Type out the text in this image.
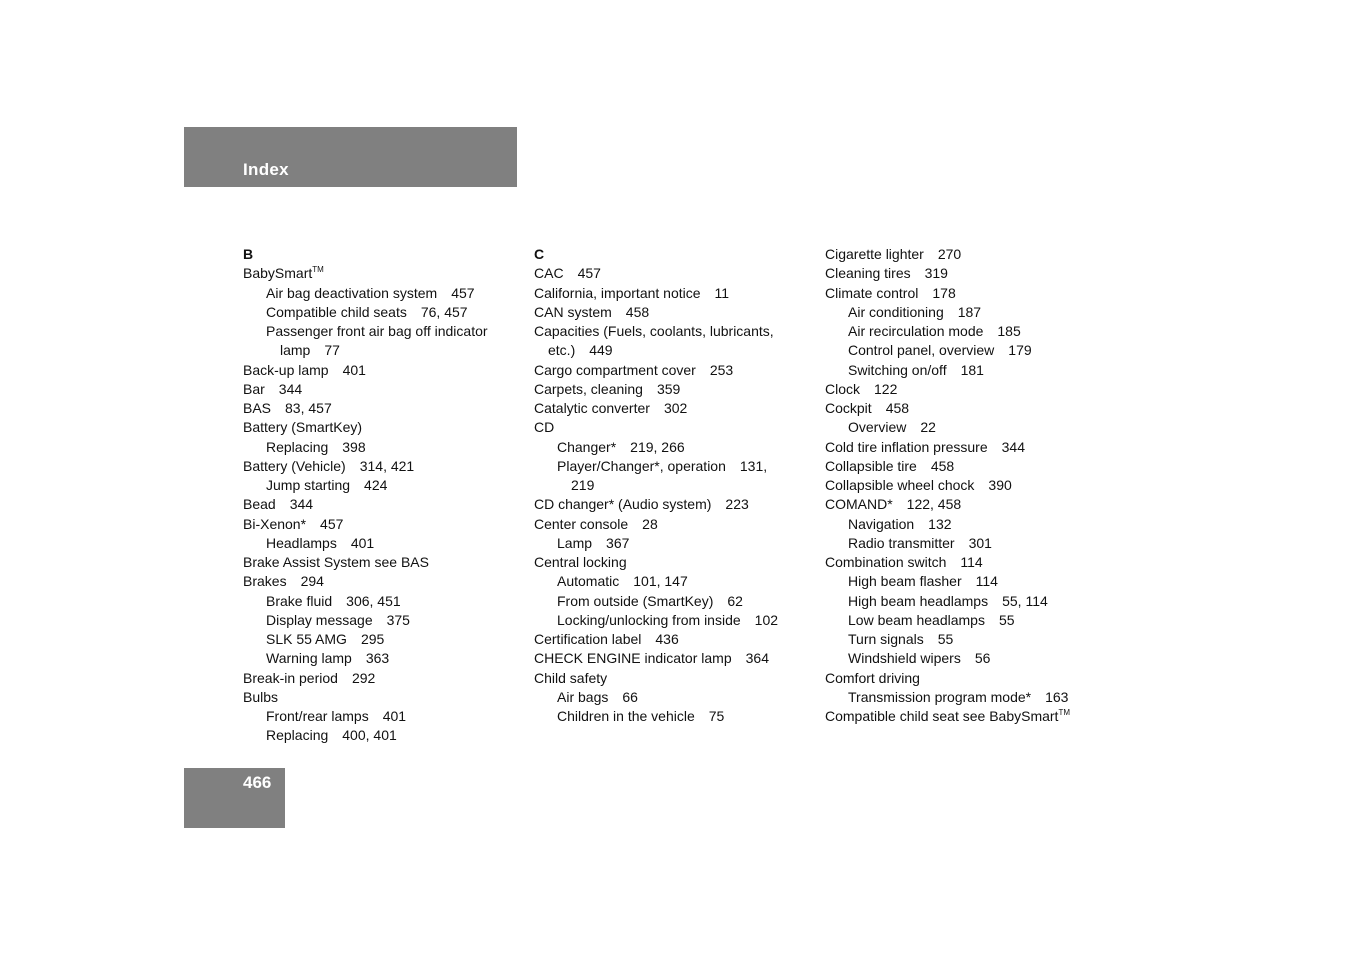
Index
B
BabySmart™
Air bag deactivation system 457
Compatible child seats 76, 457
Passenger front air bag off indicator
lamp 77
Back-up lamp 401
Bar 344
BAS 83, 457
Battery (SmartKey)
Replacing 398
Battery (Vehicle) 314, 421
Jump starting 424
Bead 344
Bi-Xenon* 457
Headlamps 401
Brake Assist System see BAS
Brakes 294
Brake fluid 306, 451
Display message 375
SLK 55 AMG 295
Warning lamp 363
Break-in period 292
Bulbs
Front/rear lamps 401
Replacing 400, 401
C
CAC 457
California, important notice 11
CAN system 458
Capacities (Fuels, coolants, lubricants,
etc.) 449
Cargo compartment cover 253
Carpets, cleaning 359
Catalytic converter 302
CD
Changer* 219, 266
Player/Changer*, operation 131,
219
CD changer* (Audio system) 223
Center console 28
Lamp 367
Central locking
Automatic 101, 147
From outside (SmartKey) 62
Locking/unlocking from inside 102
Certification label 436
CHECK ENGINE indicator lamp 364
Child safety
Air bags 66
Children in the vehicle 75
Cigarette lighter 270
Cleaning tires 319
Climate control 178
Air conditioning 187
Air recirculation mode 185
Control panel, overview 179
Switching on/off 181
Clock 122
Cockpit 458
Overview 22
Cold tire inflation pressure 344
Collapsible tire 458
Collapsible wheel chock 390
COMAND* 122, 458
Navigation 132
Radio transmitter 301
Combination switch 114
High beam flasher 114
High beam headlamps 55, 114
Low beam headlamps 55
Turn signals 55
Windshield wipers 56
Comfort driving
Transmission program mode* 163
Compatible child seat see BabySmart™
466
